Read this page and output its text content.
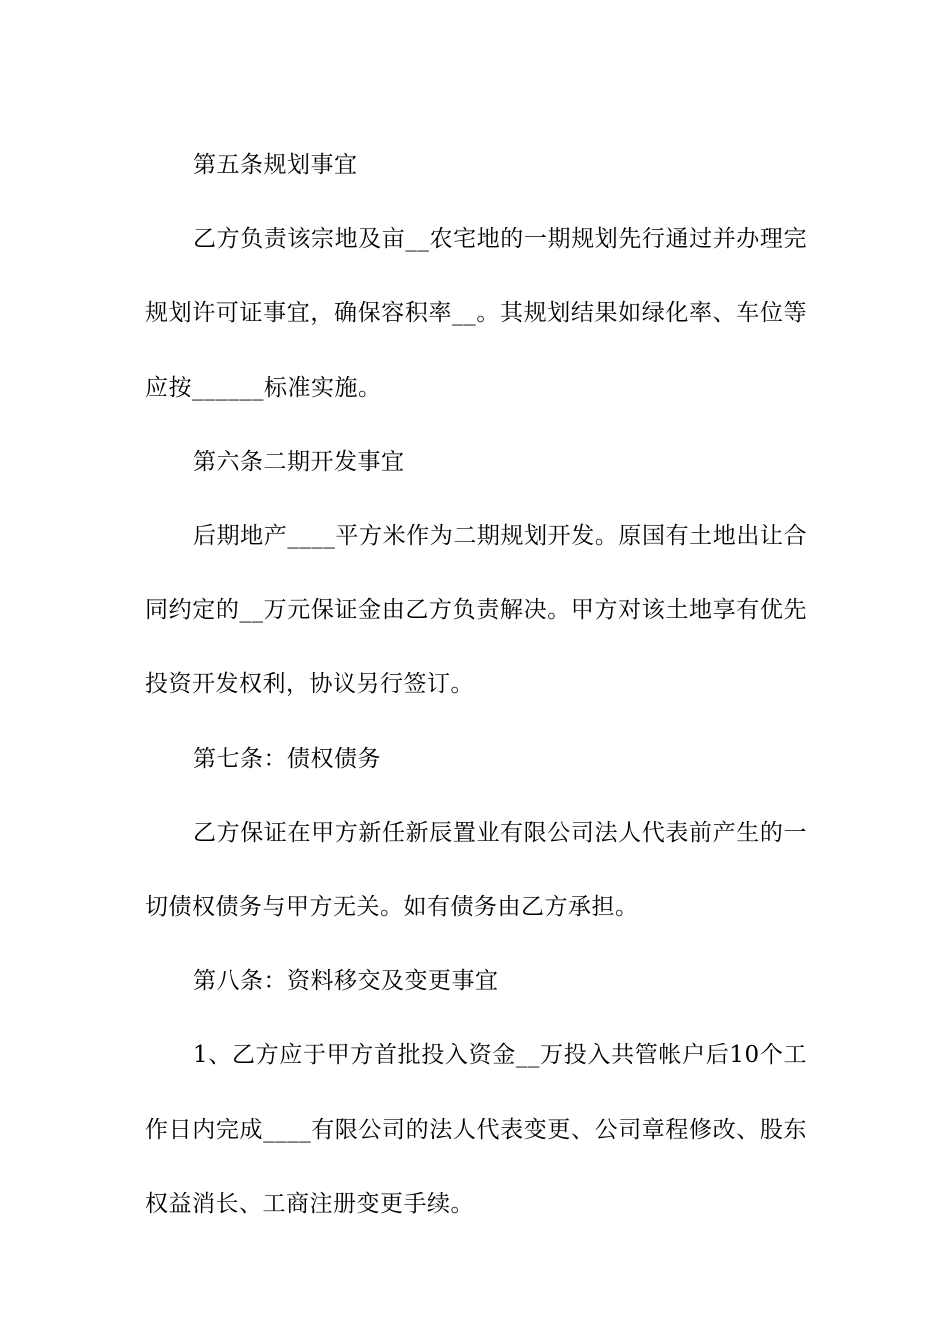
第五条规划事宜

乙方负责该宗地及亩__农宅地的一期规划先行通过并办理完规划许可证事宜，确保容积率__。其规划结果如绿化率、车位等应按______标准实施。

第六条二期开发事宜

后期地产____平方米作为二期规划开发。原国有土地出让合同约定的__万元保证金由乙方负责解决。甲方对该土地享有优先投资开发权利，协议另行签订。

第七条：债权债务

乙方保证在甲方新任新辰置业有限公司法人代表前产生的一切债权债务与甲方无关。如有债务由乙方承担。

第八条：资料移交及变更事宜

1、乙方应于甲方首批投入资金__万投入共管帐户后10个工作日内完成____有限公司的法人代表变更、公司章程修改、股东权益消长、工商注册变更手续。
